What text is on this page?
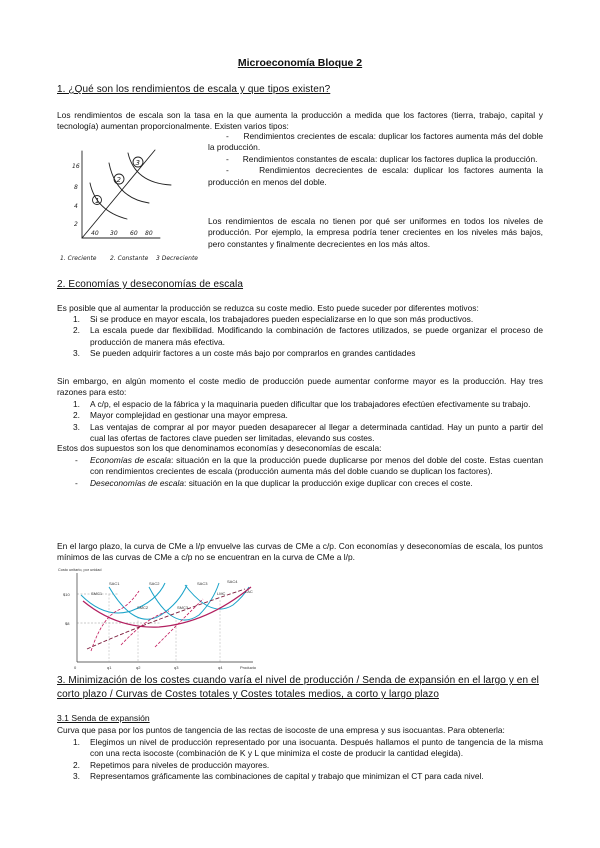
Microeconomía Bloque 2
1. ¿Qué son los rendimientos de escala y que tipos existen?
Los rendimientos de escala son la tasa en la que aumenta la producción a medida que los factores (tierra, trabajo, capital y tecnología) aumentan proporcionalmente. Existen varios tipos:
1
2
3
16
8
4
2
40 30 60 80
1. Creciente 2. Constante 3 Decreciente
-      Rendimientos crecientes de escala: duplicar los factores aumenta más del doble la producción.
-      Rendimientos constantes de escala: duplicar los factores duplica la producción.
-      Rendimientos decrecientes de escala: duplicar los factores aumenta la producción en menos del doble.
Los rendimientos de escala no tienen por qué ser uniformes en todos los niveles de producción. Por ejemplo, la empresa podría tener crecientes en los niveles más bajos, pero constantes y finalmente decrecientes en los más altos.
2. Economías y deseconomías de escala
Es posible que al aumentar la producción se reduzca su coste medio. Esto puede suceder por diferentes motivos:
1. Si se produce en mayor escala, los trabajadores pueden especializarse en lo que son más productivos.
2. La escala puede dar flexibilidad. Modificando la combinación de factores utilizados, se puede organizar el proceso de producción de manera más efectiva.
3. Se pueden adquirir factores a un coste más bajo por comprarlos en grandes cantidades
Sin embargo, en algún momento el coste medio de producción puede aumentar conforme mayor es la producción. Hay tres razones para esto:
1. A c/p, el espacio de la fábrica y la maquinaria pueden dificultar que los trabajadores efectúen efectivamente su trabajo.
2. Mayor complejidad en gestionar una mayor empresa.
3. Las ventajas de comprar al por mayor pueden desaparecer al llegar a determinada cantidad. Hay un punto a partir del cual las ofertas de factores clave pueden ser limitadas, elevando sus costes.
Estos dos supuestos son los que denominamos economías y deseconomías de escala:
- Economías de escala: situación en la que la producción puede duplicarse por menos del doble del coste. Estas cuentan con rendimientos crecientes de escala (producción aumenta más del doble cuando se duplican los factores).
- Deseconomías de escala: situación en la que duplicar la producción exige duplicar con creces el coste.
En el largo plazo, la curva de CMe a l/p envuelve las curvas de CMe a c/p. Con economías y deseconomías de escala, los puntos mínimos de las curvas de CMe a c/p no se encuentran en la curva de CMe a l/p.
Costo unitario, por unidad
SAC1	SAC2	SAC3	SAC4
LAC
SMC1
SMC2	SMC3
LMC
$10
$8
0	q1	q2	q3	q4	Producto
3. Minimización de los costes cuando varía el nivel de producción / Senda de expansión en el largo y en el corto plazo / Curvas de Costes totales y Costes totales medios, a corto y largo plazo
3.1 Senda de expansión
Curva que pasa por los puntos de tangencia de las rectas de isocoste de una empresa y sus isocuantas. Para obtenerla:
1. Elegimos un nivel de producción representado por una isocuanta. Después hallamos el punto de tangencia de la misma con una recta isocoste (combinación de K y L que minimiza el coste de producir la cantidad elegida).
2. Repetimos para niveles de producción mayores.
3. Representamos gráficamente las combinaciones de capital y trabajo que minimizan el CT para cada nivel.
